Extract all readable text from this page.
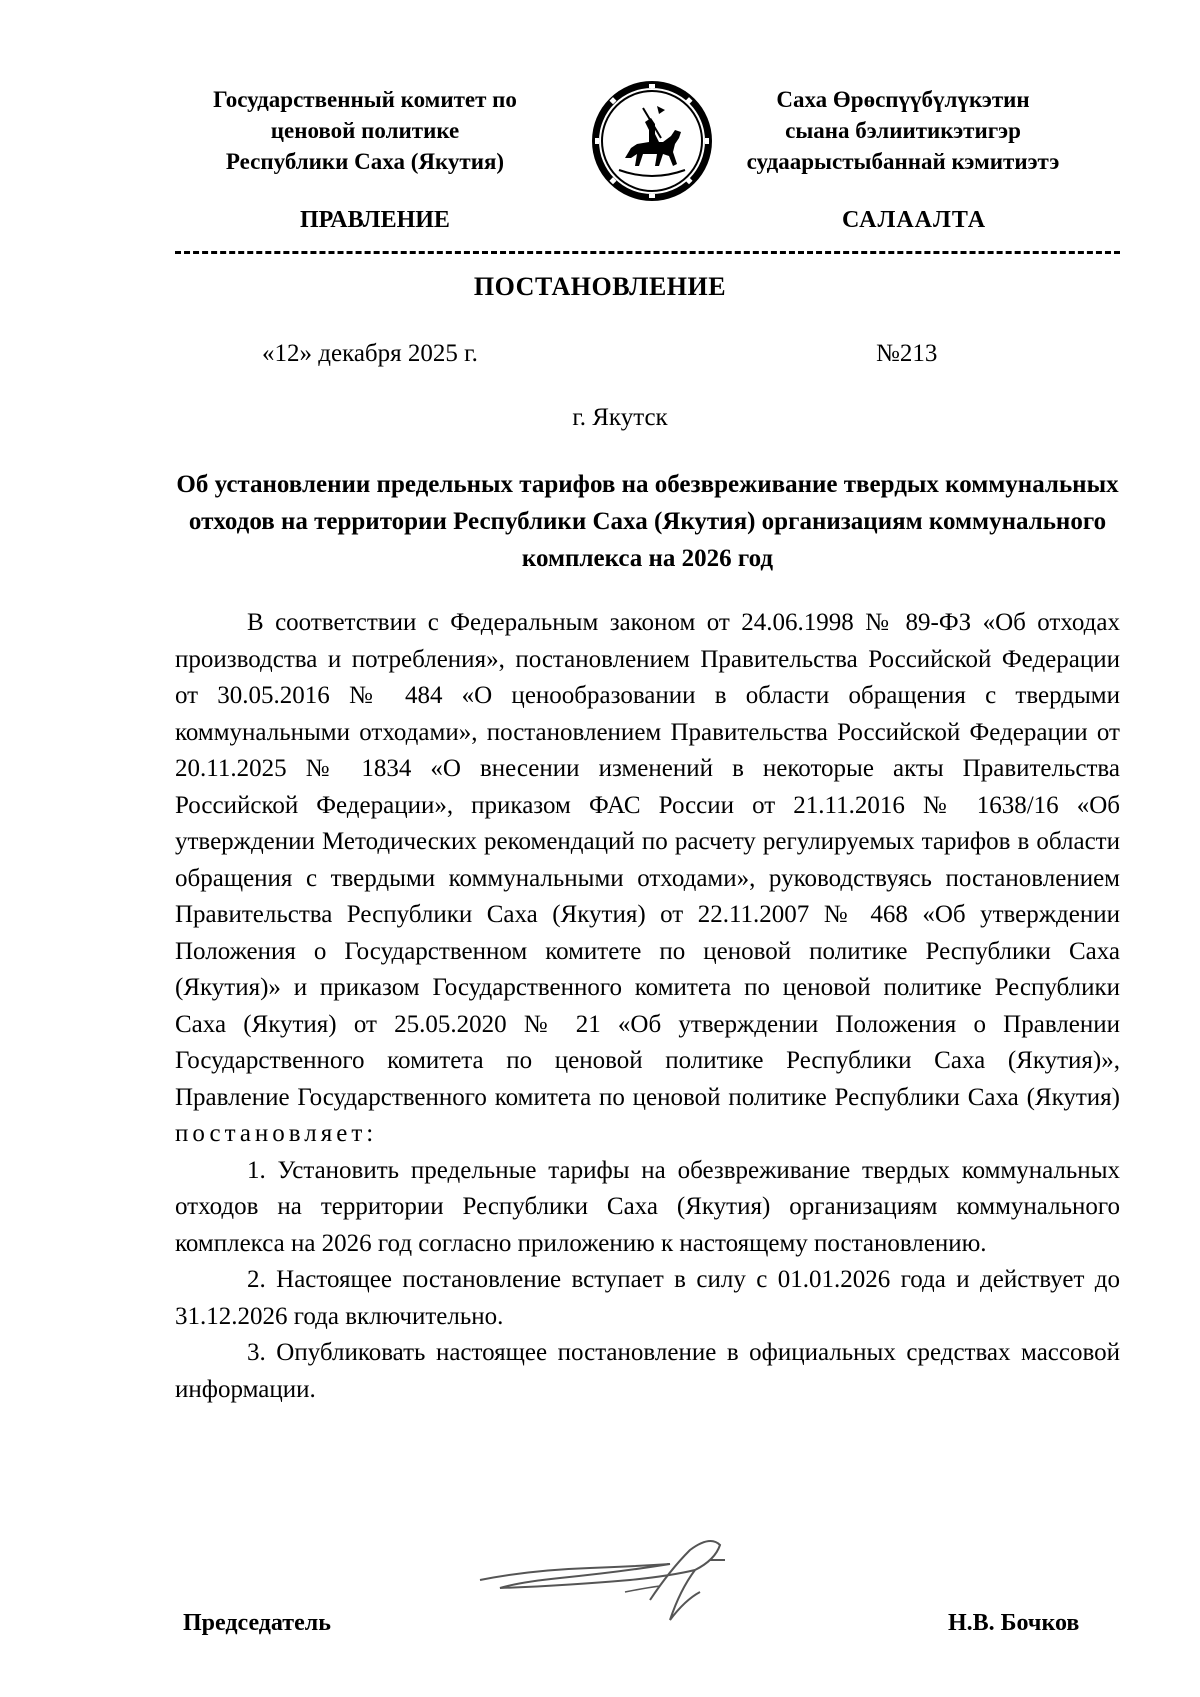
Государственный комитет по
ценовой политике
Республики Саха (Якутия)
Саха Өрөспүүбүлүкэтин
сыана бэлиитикэтигэр
судаарыстыбаннай кэмитиэтэ
ПРАВЛЕНИЕ	САЛААЛТА
ПОСТАНОВЛЕНИЕ
«12» декабря 2025 г.	№213
г. Якутск
Об установлении предельных тарифов на обезвреживание твердых коммунальных отходов на территории Республики Саха (Якутия) организациям коммунального комплекса на 2026 год

В соответствии с Федеральным законом от 24.06.1998 № 89-ФЗ «Об отходах производства и потребления», постановлением Правительства Российской Федерации от 30.05.2016 № 484 «О ценообразовании в области обращения с твердыми коммунальными отходами», постановлением Правительства Российской Федерации от 20.11.2025 № 1834 «О внесении изменений в некоторые акты Правительства Российской Федерации», приказом ФАС России от 21.11.2016 № 1638/16 «Об утверждении Методических рекомендаций по расчету регулируемых тарифов в области обращения с твердыми коммунальными отходами», руководствуясь постановлением Правительства Республики Саха (Якутия) от 22.11.2007 № 468 «Об утверждении Положения о Государственном комитете по ценовой политике Республики Саха (Якутия)» и приказом Государственного комитета по ценовой политике Республики Саха (Якутия) от 25.05.2020 № 21 «Об утверждении Положения о Правлении Государственного комитета по ценовой политике Республики Саха (Якутия)», Правление Государственного комитета по ценовой политике Республики Саха (Якутия) постановляет:

1. Установить предельные тарифы на обезвреживание твердых коммунальных отходов на территории Республики Саха (Якутия) организациям коммунального комплекса на 2026 год согласно приложению к настоящему постановлению.

2. Настоящее постановление вступает в силу с 01.01.2026 года и действует до 31.12.2026 года включительно.

3. Опубликовать настоящее постановление в официальных средствах массовой информации.

Председатель	Н.В. Бочков
